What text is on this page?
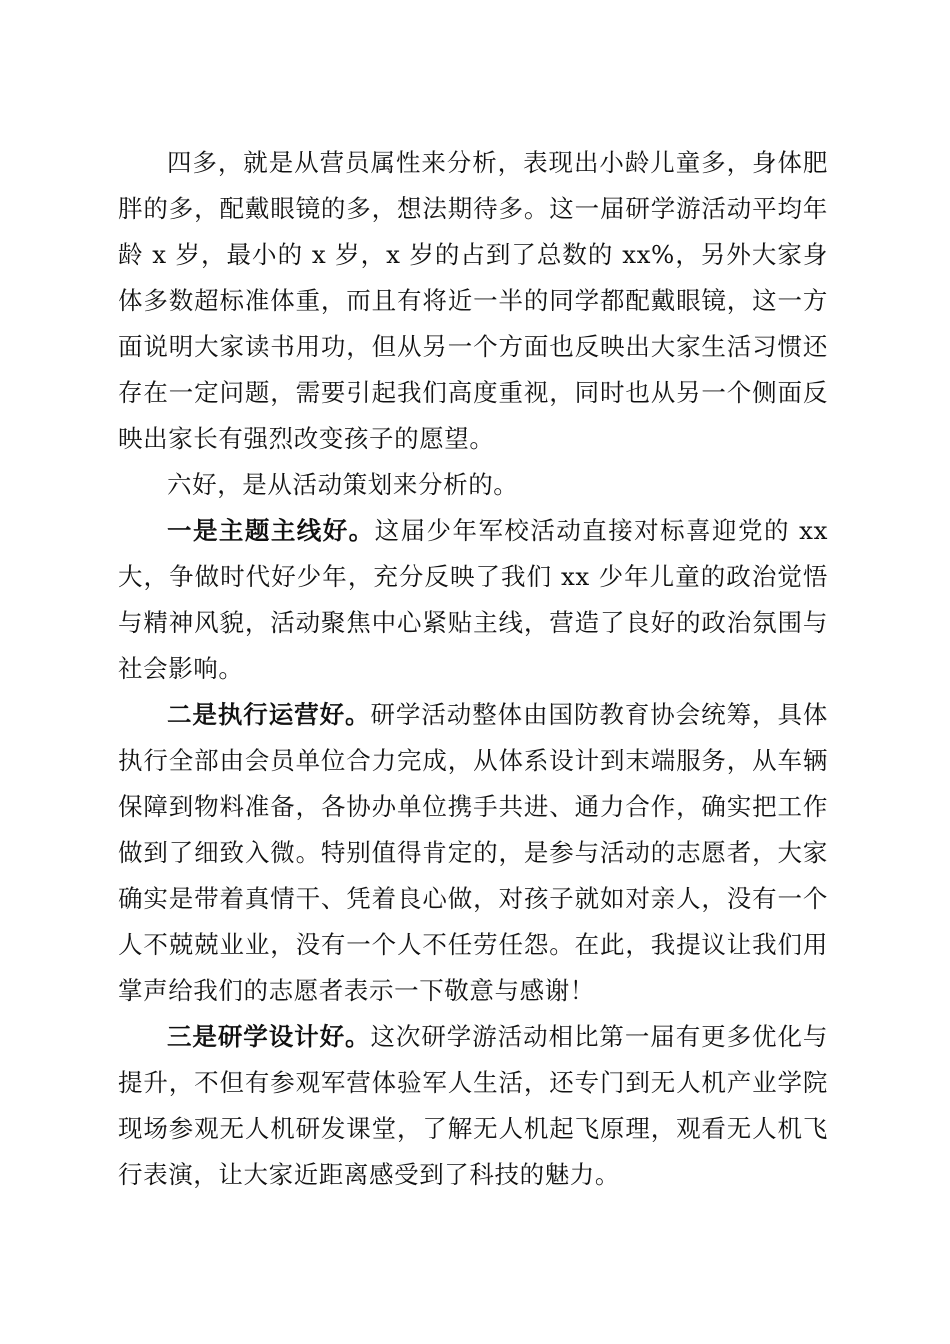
四多，就是从营员属性来分析，表现出小龄儿童多，身体肥胖的多，配戴眼镜的多，想法期待多。这一届研学游活动平均年龄 x 岁，最小的 x 岁，x 岁的占到了总数的 xx%，另外大家身体多数超标准体重，而且有将近一半的同学都配戴眼镜，这一方面说明大家读书用功，但从另一个方面也反映出大家生活习惯还存在一定问题，需要引起我们高度重视，同时也从另一个侧面反映出家长有强烈改变孩子的愿望。

六好，是从活动策划来分析的。

一是主题主线好。这届少年军校活动直接对标喜迎党的 xx 大，争做时代好少年，充分反映了我们 xx 少年儿童的政治觉悟与精神风貌，活动聚焦中心紧贴主线，营造了良好的政治氛围与社会影响。

二是执行运营好。研学活动整体由国防教育协会统筹，具体执行全部由会员单位合力完成，从体系设计到末端服务，从车辆保障到物料准备，各协办单位携手共进、通力合作，确实把工作做到了细致入微。特别值得肯定的，是参与活动的志愿者，大家确实是带着真情干、凭着良心做，对孩子就如对亲人，没有一个人不兢兢业业，没有一个人不任劳任怨。在此，我提议让我们用掌声给我们的志愿者表示一下敬意与感谢！

三是研学设计好。这次研学游活动相比第一届有更多优化与提升，不但有参观军营体验军人生活，还专门到无人机产业学院现场参观无人机研发课堂，了解无人机起飞原理，观看无人机飞行表演，让大家近距离感受到了科技的魅力。
